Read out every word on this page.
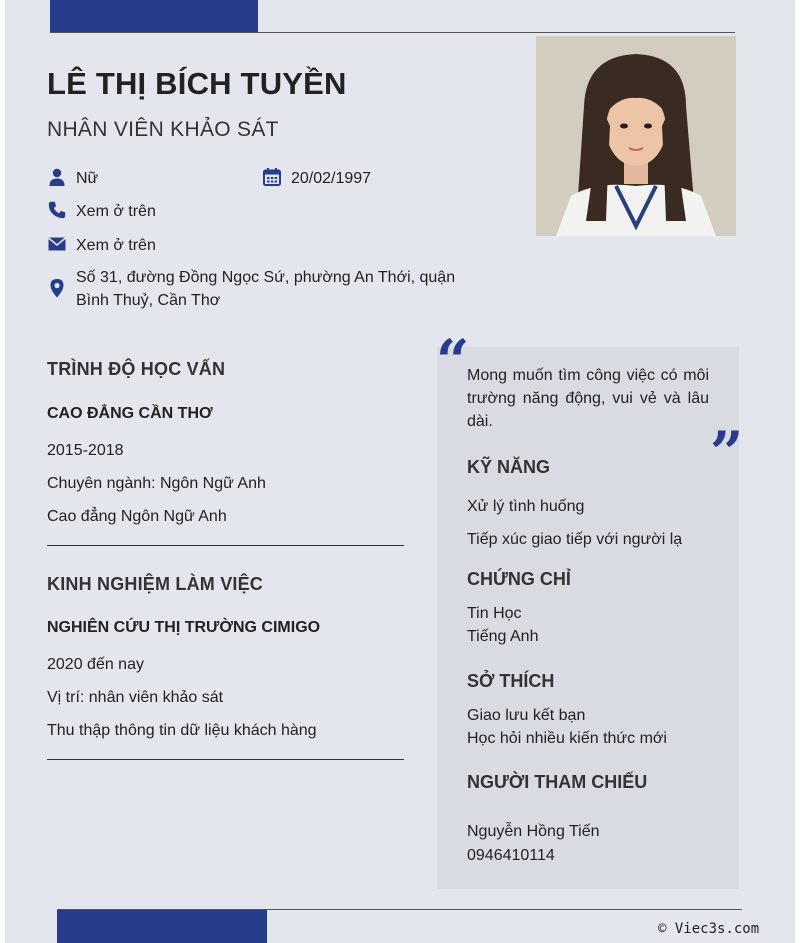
LÊ THỊ BÍCH TUYỀN
NHÂN VIÊN KHẢO SÁT
Nữ	20/02/1997
Xem ở trên
Xem ở trên
Số 31, đường Đồng Ngọc Sứ, phường An Thới, quận
Bình Thuỷ, Cần Thơ
TRÌNH ĐỘ HỌC VẤN
CAO ĐẲNG CẦN THƠ
2015-2018
Chuyên ngành: Ngôn Ngữ Anh
Cao đẳng Ngôn Ngữ Anh
KINH NGHIỆM LÀM VIỆC
NGHIÊN CỨU THỊ TRƯỜNG CIMIGO
2020 đến nay
Vị trí: nhân viên khảo sát
Thu thập thông tin dữ liệu khách hàng
“
”
Mong muốn tìm công việc có môi trường năng động, vui vẻ và lâu dài.
KỸ NĂNG
Xử lý tình huống
Tiếp xúc giao tiếp với người lạ
CHỨNG CHỈ
Tin Học
Tiếng Anh
SỞ THÍCH
Giao lưu kết bạn
Học hỏi nhiều kiến thức mới
NGƯỜI THAM CHIẾU
Nguyễn Hồng Tiến
0946410114
© Viec3s.com
